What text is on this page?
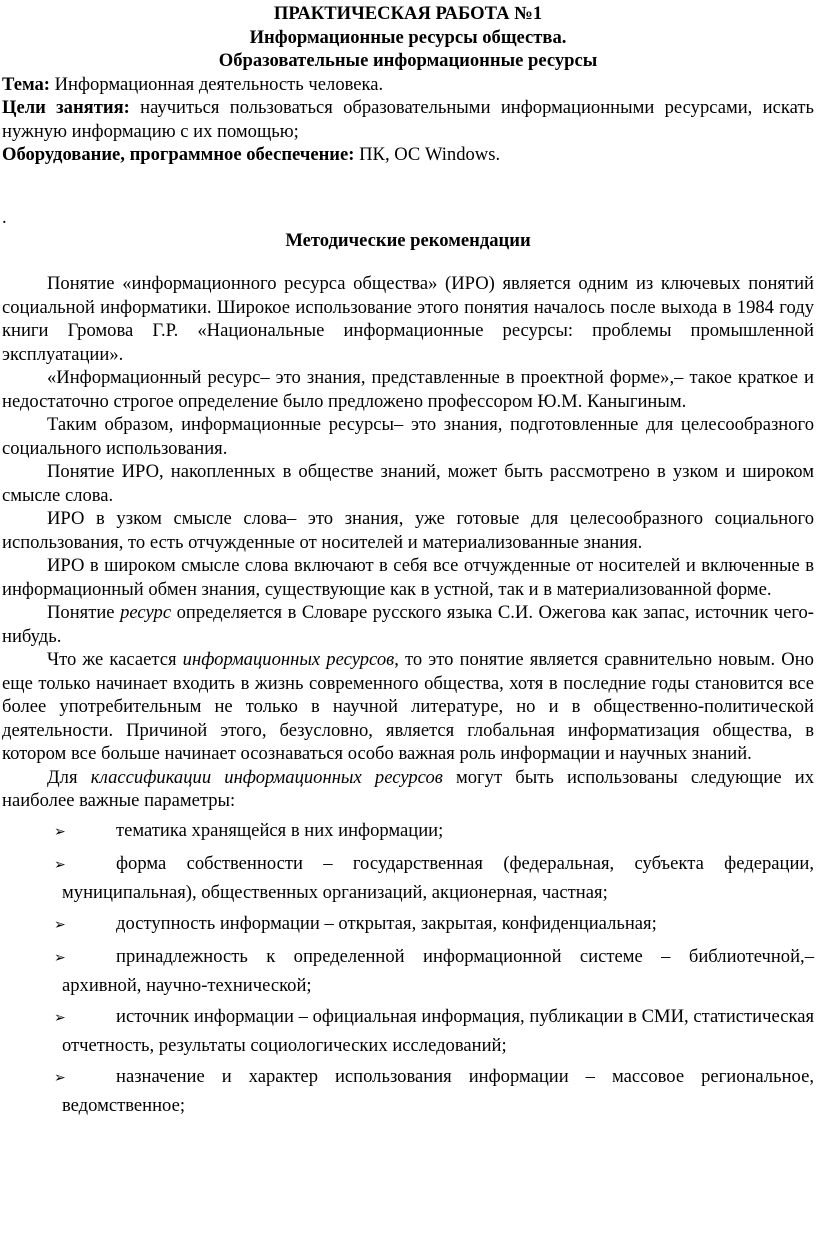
ПРАКТИЧЕСКАЯ РАБОТА №1
Информационные ресурсы общества.
Образовательные информационные ресурсы

Тема: Информационная деятельность человека.

Цели занятия: научиться пользоваться образовательными информационными ресурсами, искать нужную информацию с их помощью;

Оборудование, программное обеспечение: ПК, ОС Windows.

.
Методические рекомендации

Понятие «информационного ресурса общества» (ИРО) является одним из ключевых понятий социальной информатики. Широкое использование этого понятия началось после выхода в 1984 году книги Громова Г.Р. «Национальные информационные ресурсы: проблемы промышленной эксплуатации».

«Информационный ресурс– это знания, представленные в проектной форме»,– такое краткое и недостаточно строгое определение было предложено профессором Ю.М. Каныгиным.

Таким образом, информационные ресурсы– это знания, подготовленные для целесообразного социального использования.

Понятие ИРО, накопленных в обществе знаний, может быть рассмотрено в узком и широком смысле слова.

ИРО в узком смысле слова– это знания, уже готовые для целесообразного социального использования, то есть отчужденные от носителей и материализованные знания.

ИРО в широком смысле слова включают в себя все отчужденные от носителей и включенные в информационный обмен знания, существующие как в устной, так и в материализованной форме.

Понятие ресурс определяется в Словаре русского языка С.И. Ожегова как запас, источник чего-нибудь.

Что же касается информационных ресурсов, то это понятие является сравнительно новым. Оно еще только начинает входить в жизнь современного общества, хотя в последние годы становится все более употребительным не только в научной литературе, но и в общественно-политической деятельности. Причиной этого, безусловно, является глобальная информатизация общества, в котором все больше начинает осознаваться особо важная роль информации и научных знаний.

Для классификации информационных ресурсов могут быть использованы следующие их наиболее важные параметры:

➢	тематика хранящейся в них информации;
➢	форма собственности – государственная (федеральная, субъекта федерации, муниципальная), общественных организаций, акционерная, частная;
➢	доступность информации – открытая, закрытая, конфиденциальная;
➢	принадлежность к определенной информационной системе – библиотечной,– архивной, научно-технической;
➢	источник информации – официальная информация, публикации в СМИ, статистическая отчетность, результаты социологических исследований;
➢	назначение и характер использования информации – массовое региональное, ведомственное;
